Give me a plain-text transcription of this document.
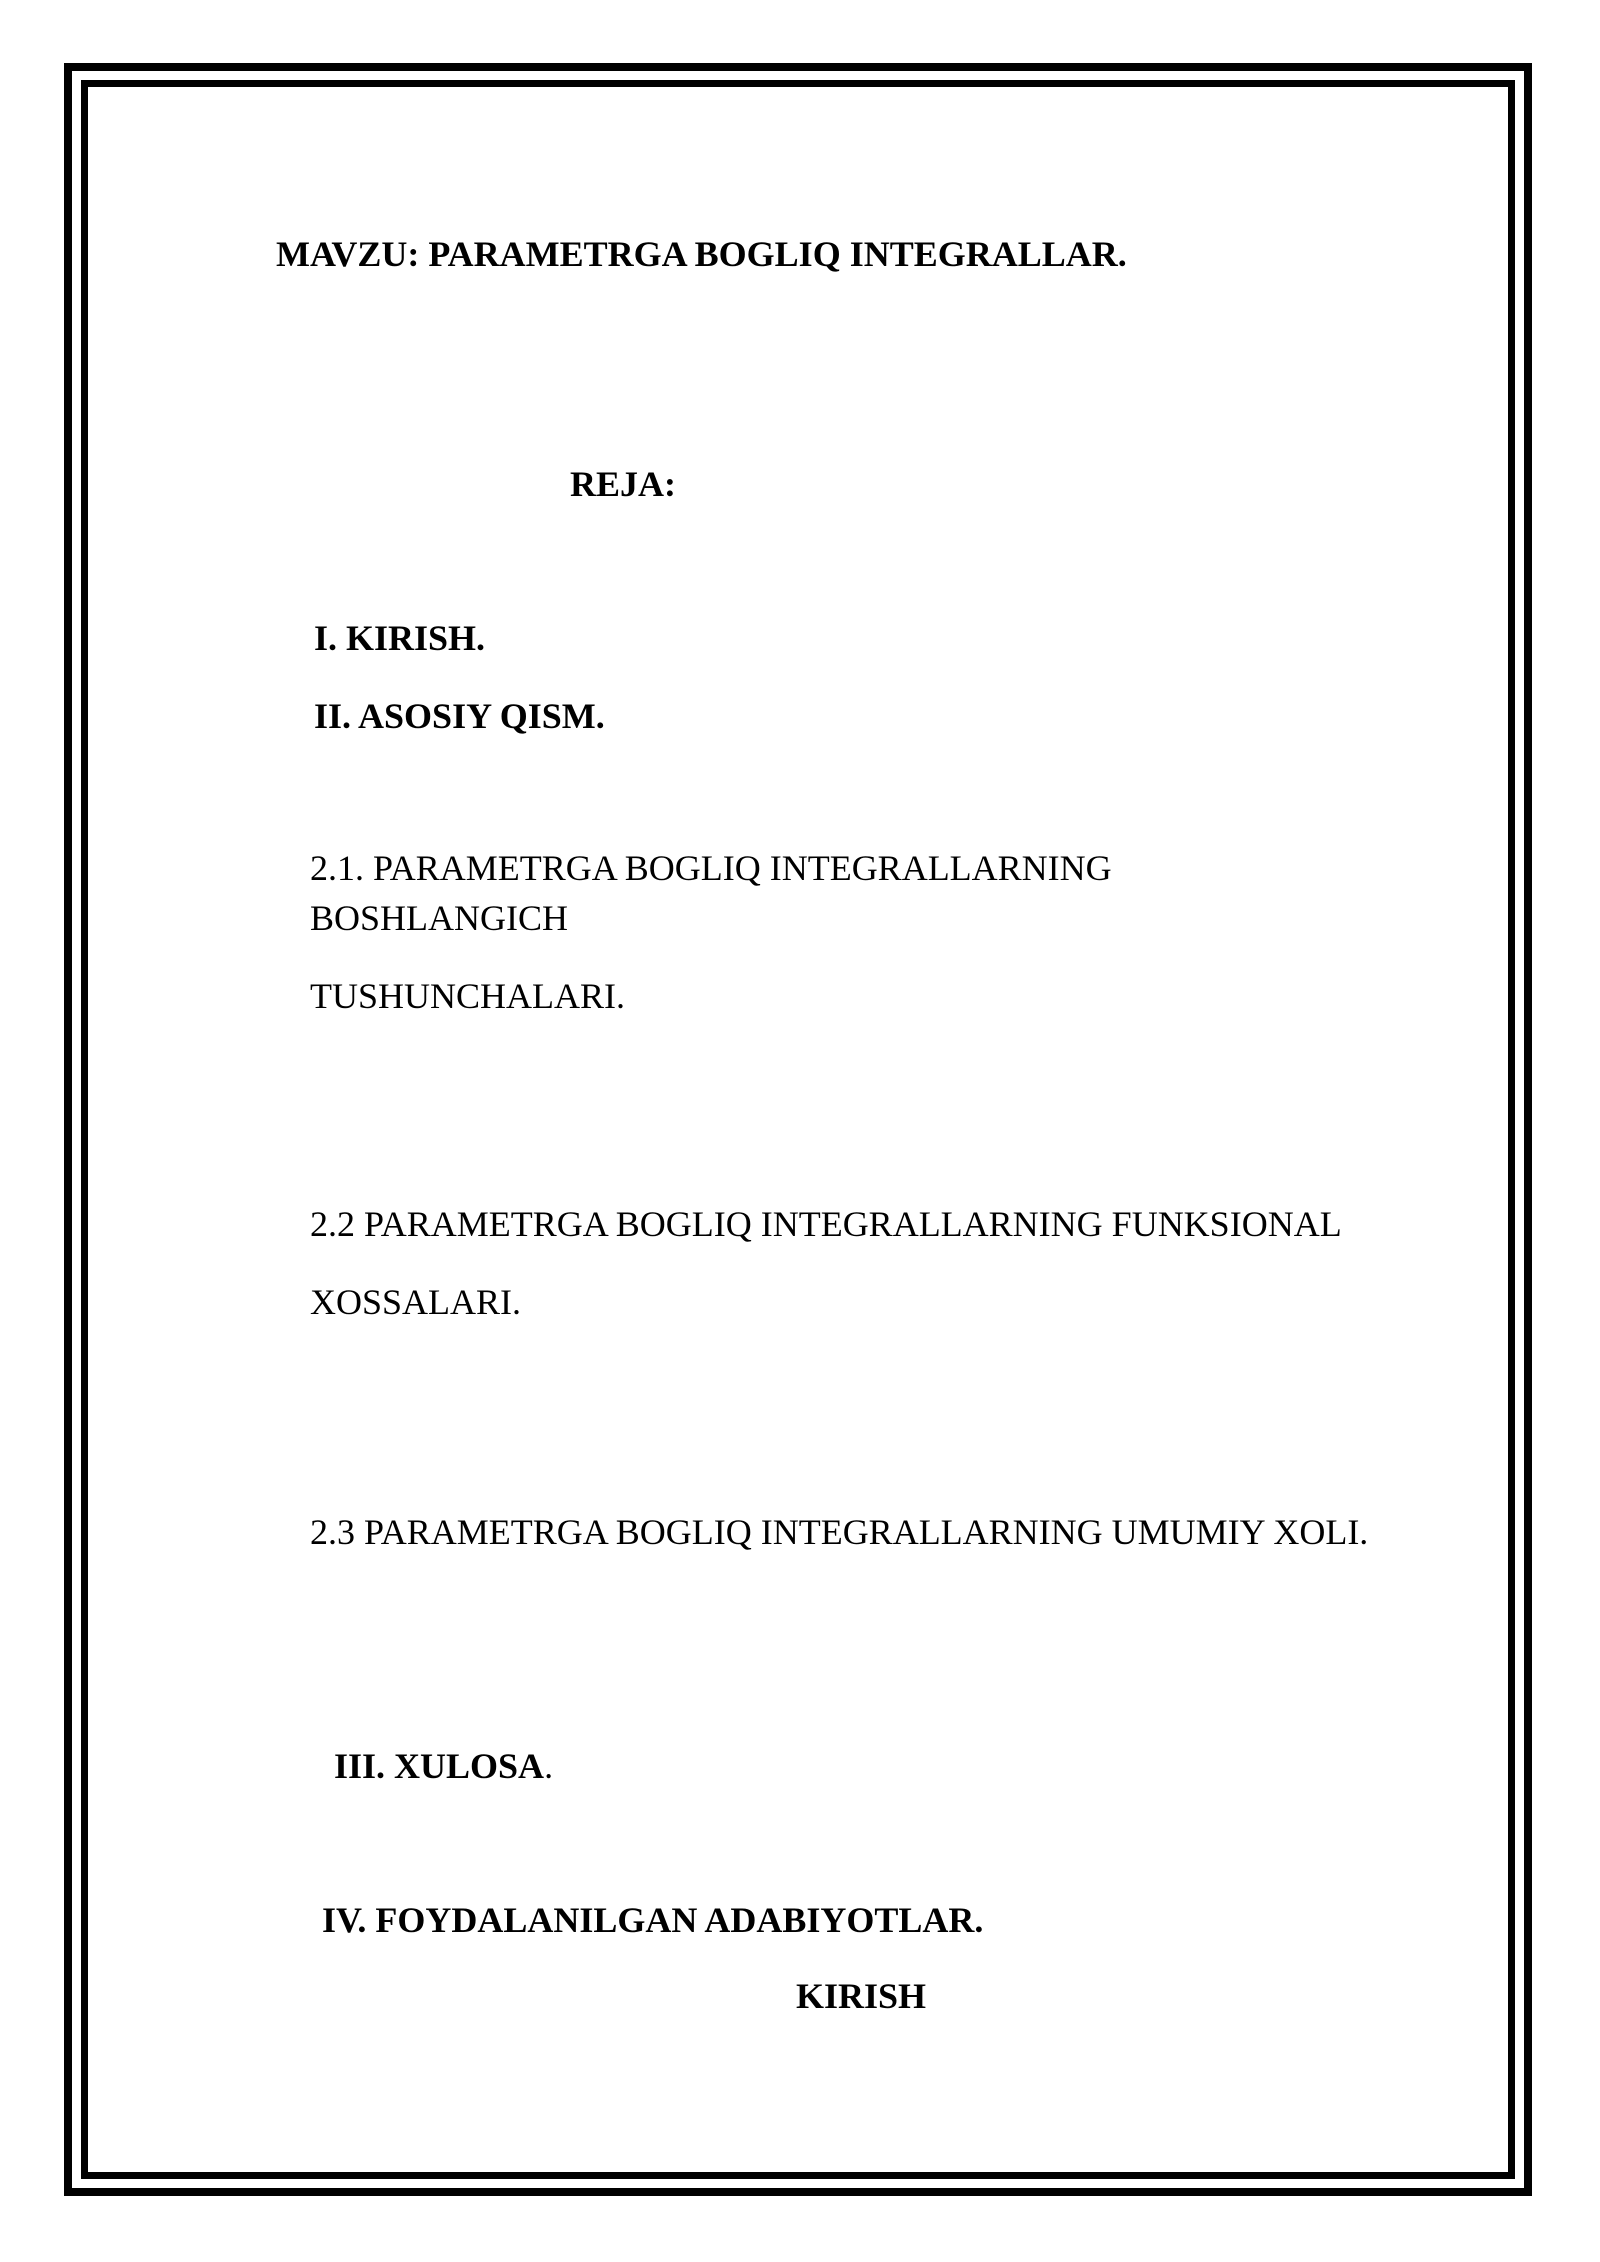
MAVZU: PARAMETRGA BOGLIQ INTEGRALLAR.
REJA:
I. KIRISH.
II. ASOSIY QISM.
2.1. PARAMETRGA BOGLIQ INTEGRALLARNING
BOSHLANGICH
TUSHUNCHALARI.
2.2 PARAMETRGA BOGLIQ INTEGRALLARNING FUNKSIONAL
XOSSALARI.
2.3 PARAMETRGA BOGLIQ INTEGRALLARNING UMUMIY XOLI.
III. XULOSA.
IV. FOYDALANILGAN ADABIYOTLAR.
KIRISH
